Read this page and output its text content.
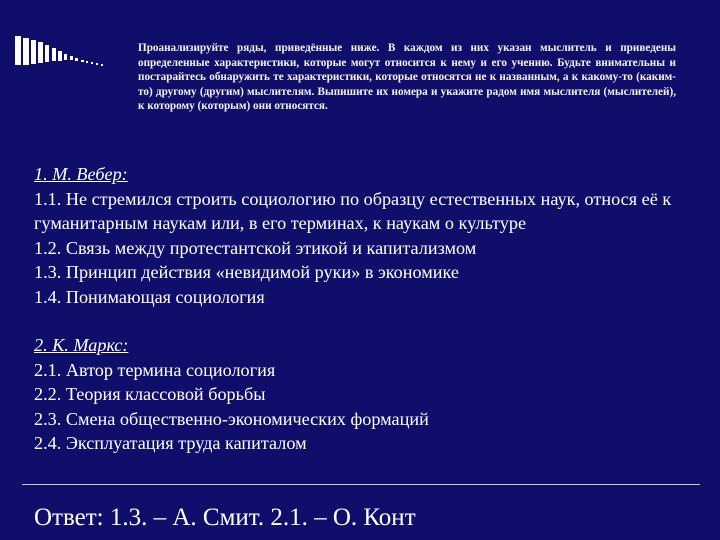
Проанализируйте ряды, приведённые ниже. В каждом из них указан мыслитель и приведены определенные характеристики, которые могут относится к нему и его учению. Будьте внимательны и постарайтесь обнаружить те характеристики, которые относятся не к названным, а к какому-то (каким-то) другому (другим) мыслителям. Выпишите их номера и укажите радом имя мыслителя (мыслителей), к которому (которым) они относятся.
1. М. Вебер:
1.1. Не стремился строить социологию по образцу естественных наук, относя её к гуманитарным наукам или, в его терминах, к наукам о культуре
1.2. Связь между протестантской этикой и капитализмом
1.3. Принцип действия «невидимой руки» в экономике
1.4. Понимающая социология
2. К. Маркс:
2.1. Автор термина социология
2.2. Теория классовой борьбы
2.3. Смена общественно-экономических формаций
2.4. Эксплуатация труда капиталом
Ответ: 1.3. – А. Смит. 2.1. – О. Конт
